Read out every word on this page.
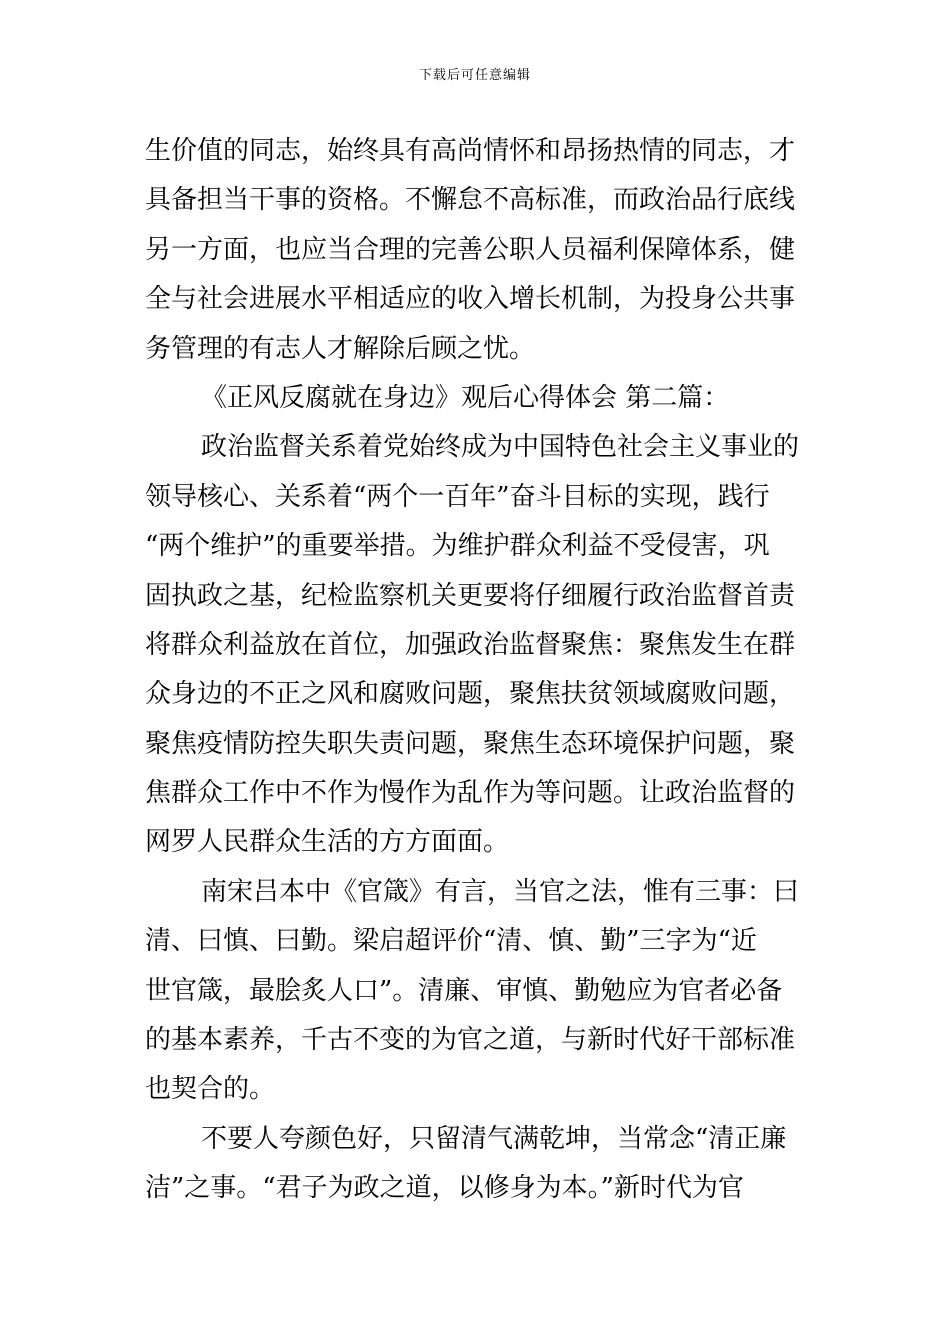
下载后可任意编辑
生价值的同志，始终具有高尚情怀和昂扬热情的同志，才
具备担当干事的资格。不懈怠不高标准，而政治品行底线
另一方面，也应当合理的完善公职人员福利保障体系，健
全与社会进展水平相适应的收入增长机制，为投身公共事
务管理的有志人才解除后顾之忧。
《正风反腐就在身边》观后心得体会 第二篇：
政治监督关系着党始终成为中国特色社会主义事业的
领导核心、关系着“两个一百年”奋斗目标的实现，践行
“两个维护”的重要举措。为维护群众利益不受侵害，巩
固执政之基，纪检监察机关更要将仔细履行政治监督首责
将群众利益放在首位，加强政治监督聚焦：聚焦发生在群
众身边的不正之风和腐败问题，聚焦扶贫领域腐败问题，
聚焦疫情防控失职失责问题，聚焦生态环境保护问题，聚
焦群众工作中不作为慢作为乱作为等问题。让政治监督的
网罗人民群众生活的方方面面。
南宋吕本中《官箴》有言，当官之法，惟有三事：曰
清、曰慎、曰勤。梁启超评价“清、慎、勤”三字为“近
世官箴，最脍炙人口”。清廉、审慎、勤勉应为官者必备
的基本素养，千古不变的为官之道，与新时代好干部标准
也契合的。
不要人夸颜色好，只留清气满乾坤，当常念“清正廉
洁”之事。“君子为政之道，以修身为本。”新时代为官
